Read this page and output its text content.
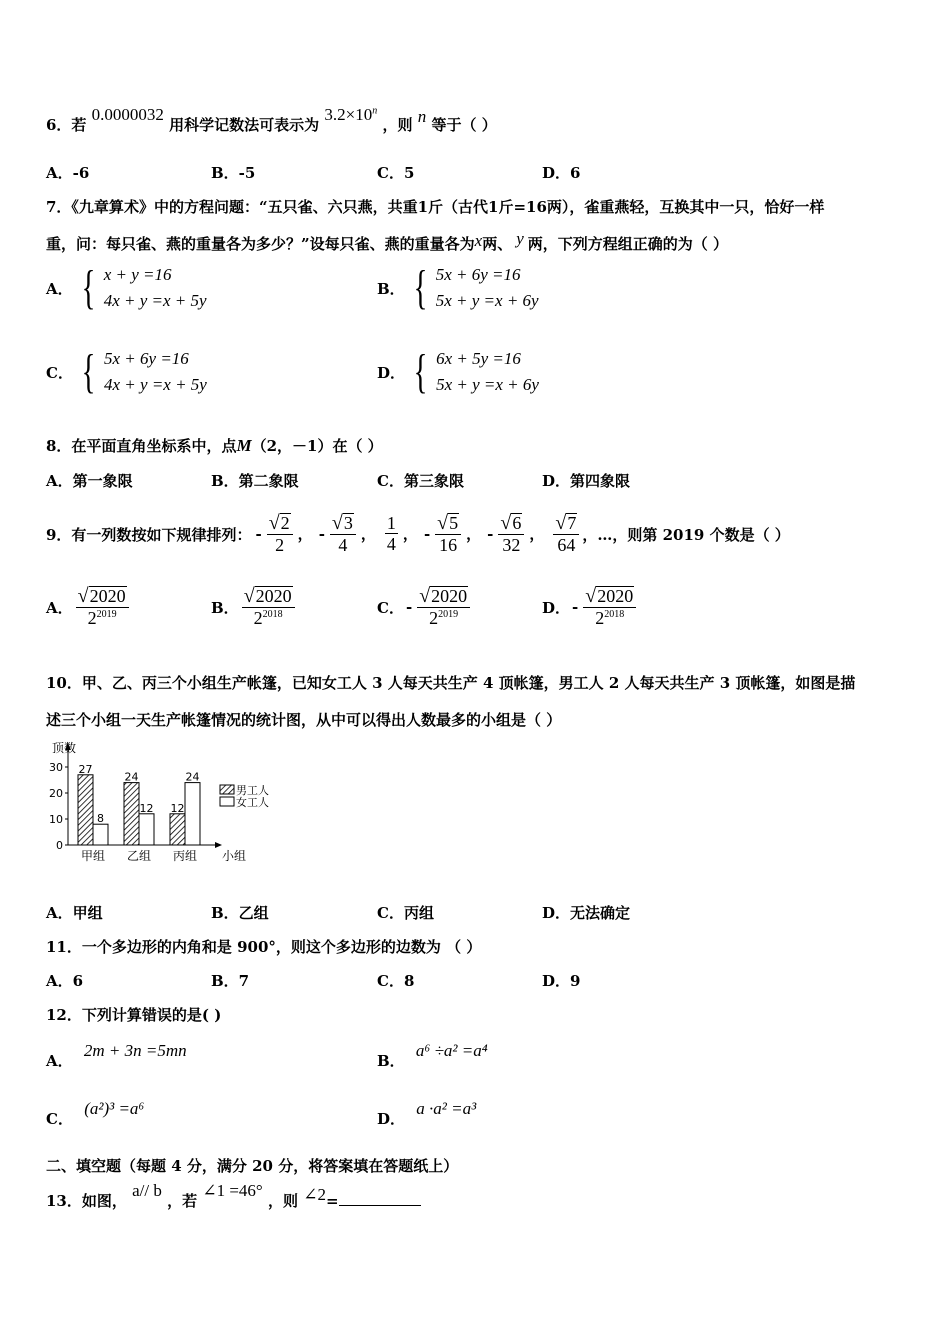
6．若 0.0000032 用科学记数法可表示为 $3.2\times 10^n$ ，则 n 等于（ ）
A．-6	B．-5	C．5	D．6
7．《九章算术》中的方程问题：“五只雀、六只燕，共重1斤（古代1斤=16两），雀重燕轻，互换其中一只，恰好一样
重，问：每只雀、燕的重量各为多少？”设每只雀、燕的重量各为x两、 y 两，下列方程组正确的为（ ）
A． { x + y =16
4x + y =x + 5y
B． { 5x + 6y =16
5x + y =x + 6y
C． { 5x + 6y =16
4x + y =x + 5y
D． { 6x + 5y =16
5x + y =x + 6y
8．在平面直角坐标系中，点M（2，－1）在（ ）
A．第一象限	B．第二象限	C．第三象限	D．第四象限
9．有一列数按如下规律排列： - $\frac{√ 2}{2}$ ， - $\frac{√ 3}{4}$ ， $\frac{1}{4}$ ， - $\frac{√ 5}{16}$ ， - $\frac{√ 6}{32}$ ， $\frac{√ 7}{64}$ ，…，则第 2019 个数是（ ）
A． $\frac{√ 2020}{2^{2019}}$	B． $\frac{√ 2020}{2^{2018}}$	C． - $\frac{√ 2020}{2^{2019}}$	D． - $\frac{√ 2020}{2^{2018}}$
10．甲、乙、丙三个小组生产帐篷，已知女工人 3 人每天共生产 4 顶帐篷，男工人 2 人每天共生产 3 顶帐篷，如图是描
述三个小组一天生产帐篷情况的统计图，从中可以得出人数最多的小组是（ ）
顶数
小组
0
10
20
30 27
8
甲组
24
12
乙组
12
24
丙组
男工人
女工人
A．甲组	B．乙组	C．丙组	D．无法确定
11．一个多边形的内角和是 900°，则这个多边形的边数为 （ ）
A．6	B．7	C．8	D．9
12．下列计算错误的是( )
A． 2m + 3n =5mn
B． a⁶ ÷a² =a⁴
C． (a²)³ =a⁶
D． a ·a² =a³
二、填空题（每题 4 分，满分 20 分，将答案填在答题纸上）
13．如图， a// b ，若 ∠1 =46° ，则 ∠2=
